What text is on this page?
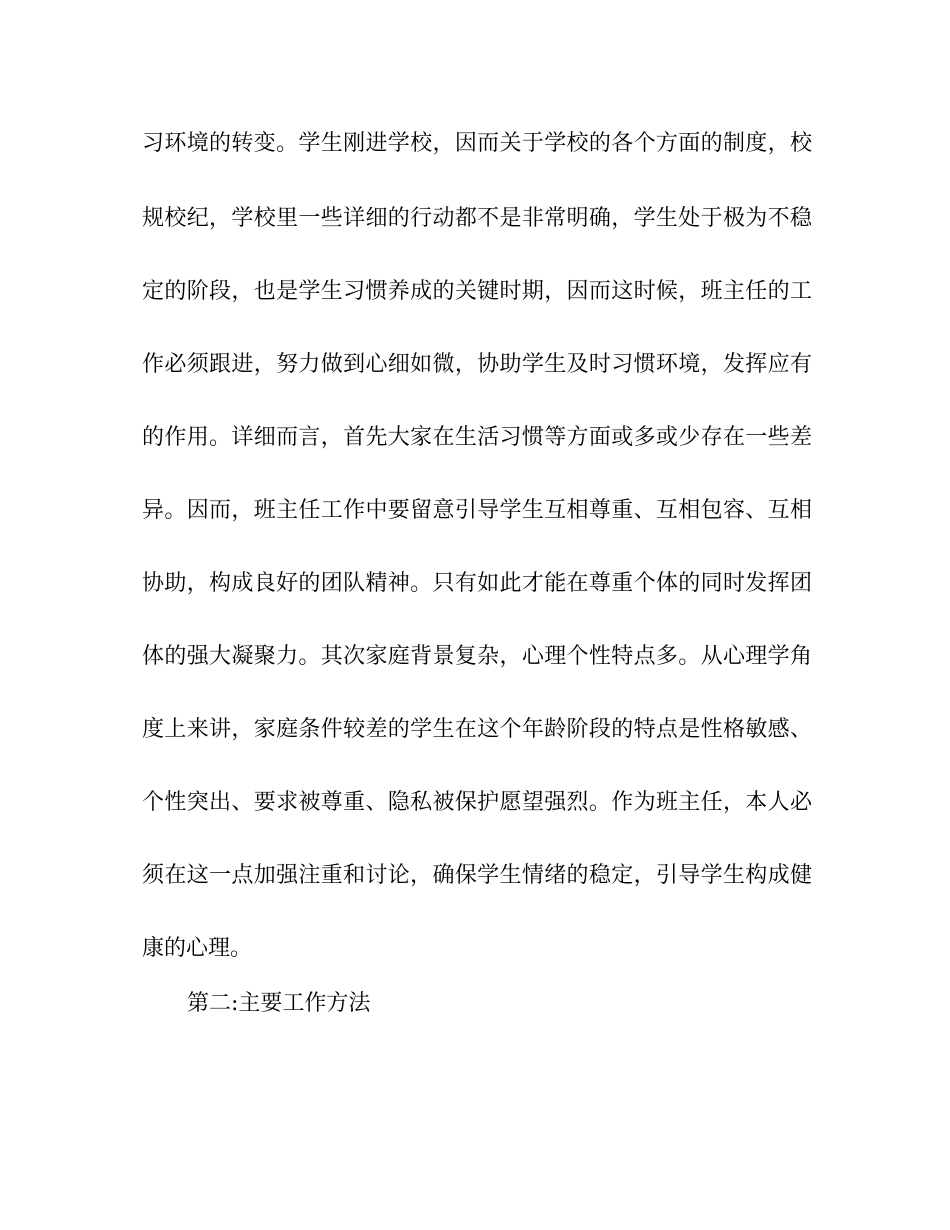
习环境的转变。学生刚进学校，因而关于学校的各个方面的制度，校
规校纪，学校里一些详细的行动都不是非常明确，学生处于极为不稳
定的阶段，也是学生习惯养成的关键时期，因而这时候，班主任的工
作必须跟进，努力做到心细如微，协助学生及时习惯环境，发挥应有
的作用。详细而言，首先大家在生活习惯等方面或多或少存在一些差
异。因而，班主任工作中要留意引导学生互相尊重、互相包容、互相
协助，构成良好的团队精神。只有如此才能在尊重个体的同时发挥团
体的强大凝聚力。其次家庭背景复杂，心理个性特点多。从心理学角
度上来讲，家庭条件较差的学生在这个年龄阶段的特点是性格敏感、
个性突出、要求被尊重、隐私被保护愿望强烈。作为班主任，本人必
须在这一点加强注重和讨论，确保学生情绪的稳定，引导学生构成健
康的心理。
第二:主要工作方法
